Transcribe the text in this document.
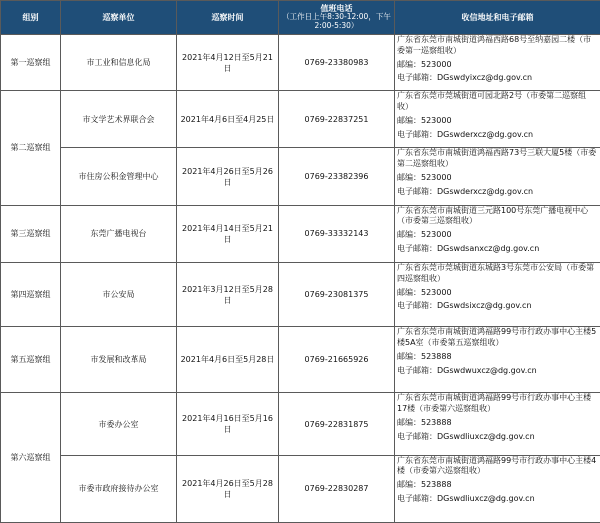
组别	巡察单位	巡察时间	值班电话
（工作日上午8:30-12:00，下午2:00-5:30）	收信地址和电子邮箱
第一巡察组	市工业和信息化局	2021年4月12日至5月21日	0769-23380983	广东省东莞市南城街道鸿福西路68号至纳嘉园二楼（市委第一巡察组收）
邮编：523000
电子邮箱：DGswdyixcz@dg.gov.cn

第二巡察组	市文学艺术界联合会	2021年4月6日至4月25日	0769-22837251	广东省东莞市莞城街道可园北路2号（市委第二巡察组收）
邮编：523000
电子邮箱：DGswderxcz@dg.gov.cn

	市住房公积金管理中心	2021年4月26日至5月26日	0769-23382396	广东省东莞市南城街道鸿福西路73号三联大厦5楼（市委第二巡察组收）
邮编：523000
电子邮箱：DGswderxcz@dg.gov.cn

第三巡察组	东莞广播电视台	2021年4月14日至5月21日	0769-33332143	广东省东莞市南城街道三元路100号东莞广播电视中心（市委第三巡察组收）
邮编：523000
电子邮箱：DGswdsanxcz@dg.gov.cn

第四巡察组	市公安局	2021年3月12日至5月28日	0769-23081375	广东省东莞市莞城街道东城路3号东莞市公安局（市委第四巡察组收）
邮编：523000
电子邮箱：DGswdsixcz@dg.gov.cn

第五巡察组	市发展和改革局	2021年4月6日至5月28日	0769-21665926	广东省东莞市南城街道鸿福路99号市行政办事中心主楼5楼5A室（市委第五巡察组收）
邮编：523888
电子邮箱：DGswdwuxcz@dg.gov.cn

第六巡察组	市委办公室	2021年4月16日至5月16日	0769-22831875	广东省东莞市南城街道鸿福路99号市行政办事中心主楼17楼（市委第六巡察组收）
邮编：523888
电子邮箱：DGswdliuxcz@dg.gov.cn

	市委市政府接待办公室	2021年4月26日至5月28日	0769-22830287	广东省东莞市南城街道鸿福路99号市行政办事中心主楼4楼（市委第六巡察组收）
邮编：523888
电子邮箱：DGswdliuxcz@dg.gov.cn
